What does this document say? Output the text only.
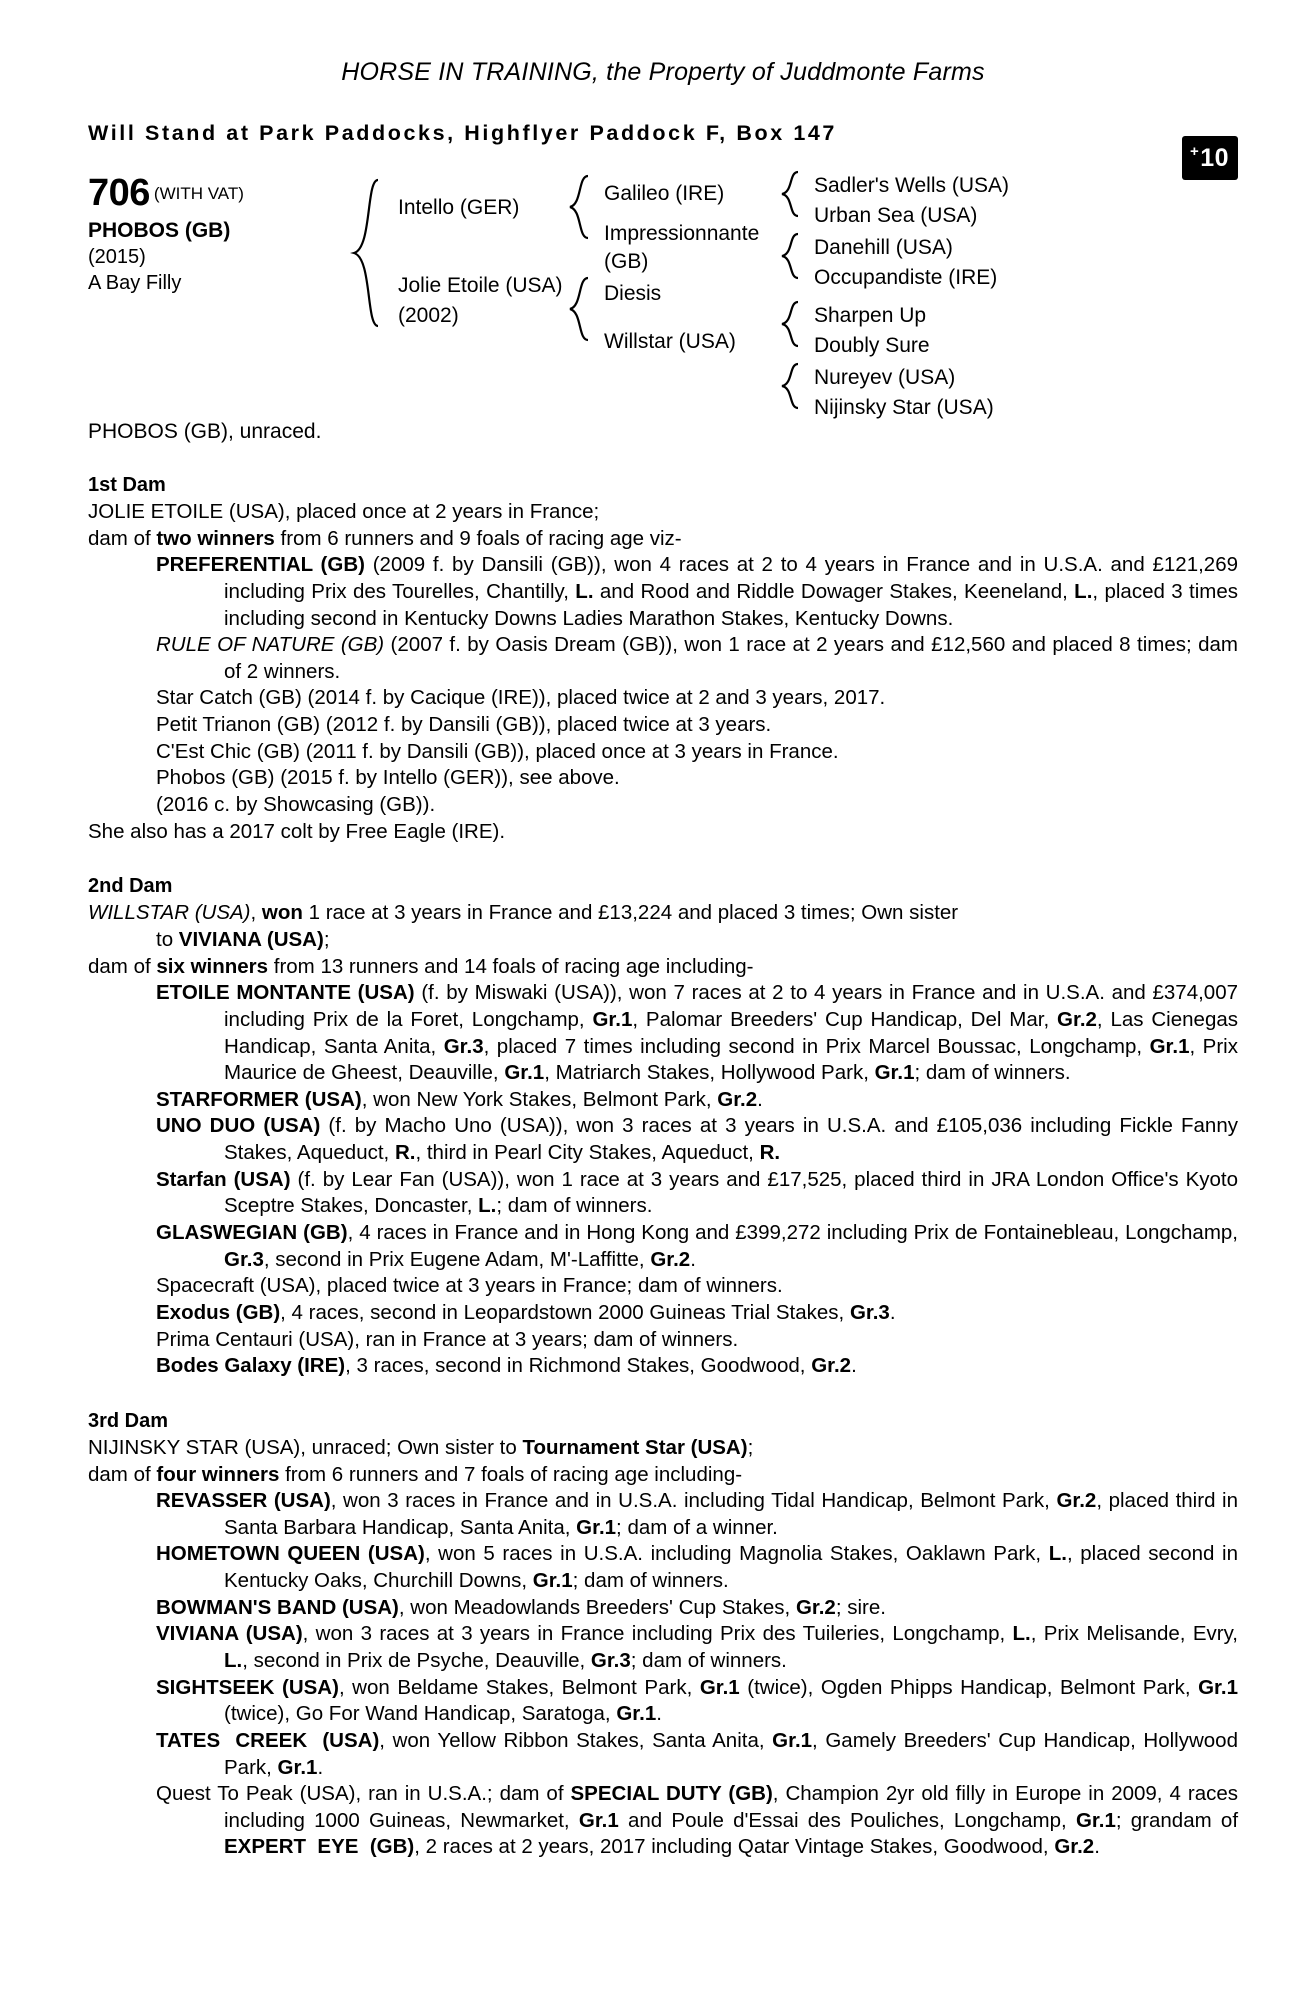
HORSE IN TRAINING, the Property of Juddmonte Farms
Will Stand at Park Paddocks, Highflyer Paddock F, Box 147
+ 10
706 (WITH VAT)
PHOBOS (GB)
(2015)
A Bay Filly
Intello (GER)
Jolie Etoile (USA)
(2002)
Galileo (IRE)
Impressionnante
(GB)
Diesis
Willstar (USA)
Sadler's Wells (USA)
Urban Sea (USA)
Danehill (USA)
Occupandiste (IRE)
Sharpen Up
Doubly Sure
Nureyev (USA)
Nijinsky Star (USA)
PHOBOS (GB), unraced.
1st Dam

JOLIE ETOILE (USA), placed once at 2 years in France;

dam of two winners from 6 runners and 9 foals of racing age viz-

PREFERENTIAL (GB) (2009 f. by Dansili (GB)), won 4 races at 2 to 4 years in France and in U.S.A. and £121,269 including Prix des Tourelles, Chantilly, L. and Rood and Riddle Dowager Stakes, Keeneland, L., placed 3 times including second in Kentucky Downs Ladies Marathon Stakes, Kentucky Downs.

RULE OF NATURE (GB) (2007 f. by Oasis Dream (GB)), won 1 race at 2 years and £12,560 and placed 8 times; dam of 2 winners.

Star Catch (GB) (2014 f. by Cacique (IRE)), placed twice at 2 and 3 years, 2017.

Petit Trianon (GB) (2012 f. by Dansili (GB)), placed twice at 3 years.

C'Est Chic (GB) (2011 f. by Dansili (GB)), placed once at 3 years in France.

Phobos (GB) (2015 f. by Intello (GER)), see above.

(2016 c. by Showcasing (GB)).

She also has a 2017 colt by Free Eagle (IRE).

2nd Dam

WILLSTAR (USA), won 1 race at 3 years in France and £13,224 and placed 3 times; Own sister

to VIVIANA (USA);

dam of six winners from 13 runners and 14 foals of racing age including-

ETOILE MONTANTE (USA) (f. by Miswaki (USA)), won 7 races at 2 to 4 years in France and in U.S.A. and £374,007 including Prix de la Foret, Longchamp, Gr.1, Palomar Breeders' Cup Handicap, Del Mar, Gr.2, Las Cienegas Handicap, Santa Anita, Gr.3, placed 7 times including second in Prix Marcel Boussac, Longchamp, Gr.1, Prix Maurice de Gheest, Deauville, Gr.1, Matriarch Stakes, Hollywood Park, Gr.1; dam of winners.

STARFORMER (USA), won New York Stakes, Belmont Park, Gr.2.

UNO DUO (USA) (f. by Macho Uno (USA)), won 3 races at 3 years in U.S.A. and £105,036 including Fickle Fanny Stakes, Aqueduct, R., third in Pearl City Stakes, Aqueduct, R.

Starfan (USA) (f. by Lear Fan (USA)), won 1 race at 3 years and £17,525, placed third in JRA London Office's Kyoto Sceptre Stakes, Doncaster, L.; dam of winners.

GLASWEGIAN (GB), 4 races in France and in Hong Kong and £399,272 including Prix de Fontainebleau, Longchamp, Gr.3, second in Prix Eugene Adam, M'-Laffitte, Gr.2.

Spacecraft (USA), placed twice at 3 years in France; dam of winners.

Exodus (GB), 4 races, second in Leopardstown 2000 Guineas Trial Stakes, Gr.3.

Prima Centauri (USA), ran in France at 3 years; dam of winners.

Bodes Galaxy (IRE), 3 races, second in Richmond Stakes, Goodwood, Gr.2.

3rd Dam

NIJINSKY STAR (USA), unraced; Own sister to Tournament Star (USA);

dam of four winners from 6 runners and 7 foals of racing age including-

REVASSER (USA), won 3 races in France and in U.S.A. including Tidal Handicap, Belmont Park, Gr.2, placed third in Santa Barbara Handicap, Santa Anita, Gr.1; dam of a winner.

HOMETOWN QUEEN (USA), won 5 races in U.S.A. including Magnolia Stakes, Oaklawn Park, L., placed second in Kentucky Oaks, Churchill Downs, Gr.1; dam of winners.

BOWMAN'S BAND (USA), won Meadowlands Breeders' Cup Stakes, Gr.2; sire.

VIVIANA (USA), won 3 races at 3 years in France including Prix des Tuileries, Longchamp, L., Prix Melisande, Evry, L., second in Prix de Psyche, Deauville, Gr.3; dam of winners.

SIGHTSEEK (USA), won Beldame Stakes, Belmont Park, Gr.1 (twice), Ogden Phipps Handicap, Belmont Park, Gr.1 (twice), Go For Wand Handicap, Saratoga, Gr.1.

TATES  CREEK  (USA), won Yellow Ribbon Stakes, Santa Anita, Gr.1, Gamely Breeders' Cup Handicap, Hollywood Park, Gr.1.

Quest To Peak (USA), ran in U.S.A.; dam of SPECIAL DUTY (GB), Champion 2yr old filly in Europe in 2009, 4 races including 1000 Guineas, Newmarket, Gr.1 and Poule d'Essai des Pouliches, Longchamp, Gr.1; grandam of EXPERT  EYE  (GB), 2 races at 2 years, 2017 including Qatar Vintage Stakes, Goodwood, Gr.2.
